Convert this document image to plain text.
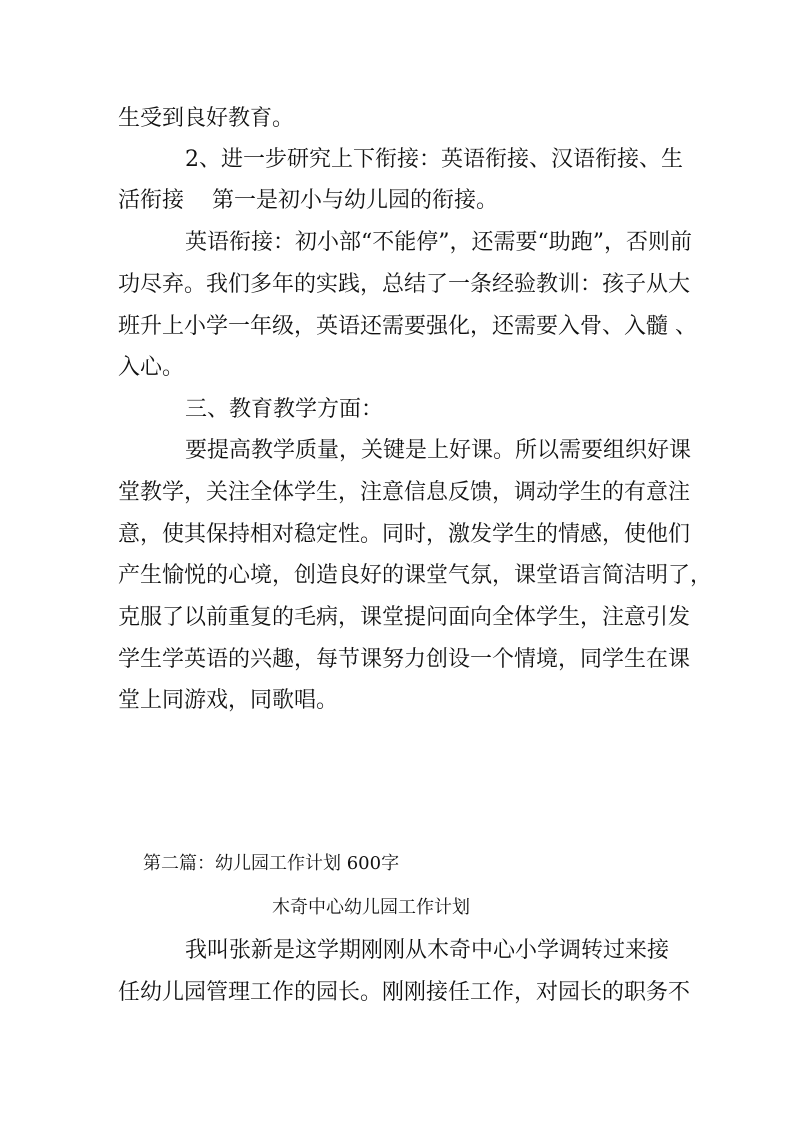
生受到良好教育。
2、进一步研究上下衔接：英语衔接、汉语衔接、生
活衔接 第一是初小与幼儿园的衔接。
英语衔接：初小部“不能停”，还需要“助跑”，否则前
功尽弃。我们多年的实践，总结了一条经验教训：孩子从大
班升上小学一年级，英语还需要强化，还需要入骨、入髓 、
入心。
三、教育教学方面：
要提高教学质量，关键是上好课。所以需要组织好课
堂教学，关注全体学生，注意信息反馈，调动学生的有意注
意，使其保持相对稳定性。同时，激发学生的情感，使他们
产生愉悦的心境，创造良好的课堂气氛，课堂语言简洁明了，
克服了以前重复的毛病，课堂提问面向全体学生，注意引发
学生学英语的兴趣，每节课努力创设一个情境，同学生在课
堂上同游戏，同歌唱。
第二篇：幼儿园工作计划 600字
木奇中心幼儿园工作计划
我叫张新是这学期刚刚从木奇中心小学调转过来接
任幼儿园管理工作的园长。刚刚接任工作，对园长的职务不
